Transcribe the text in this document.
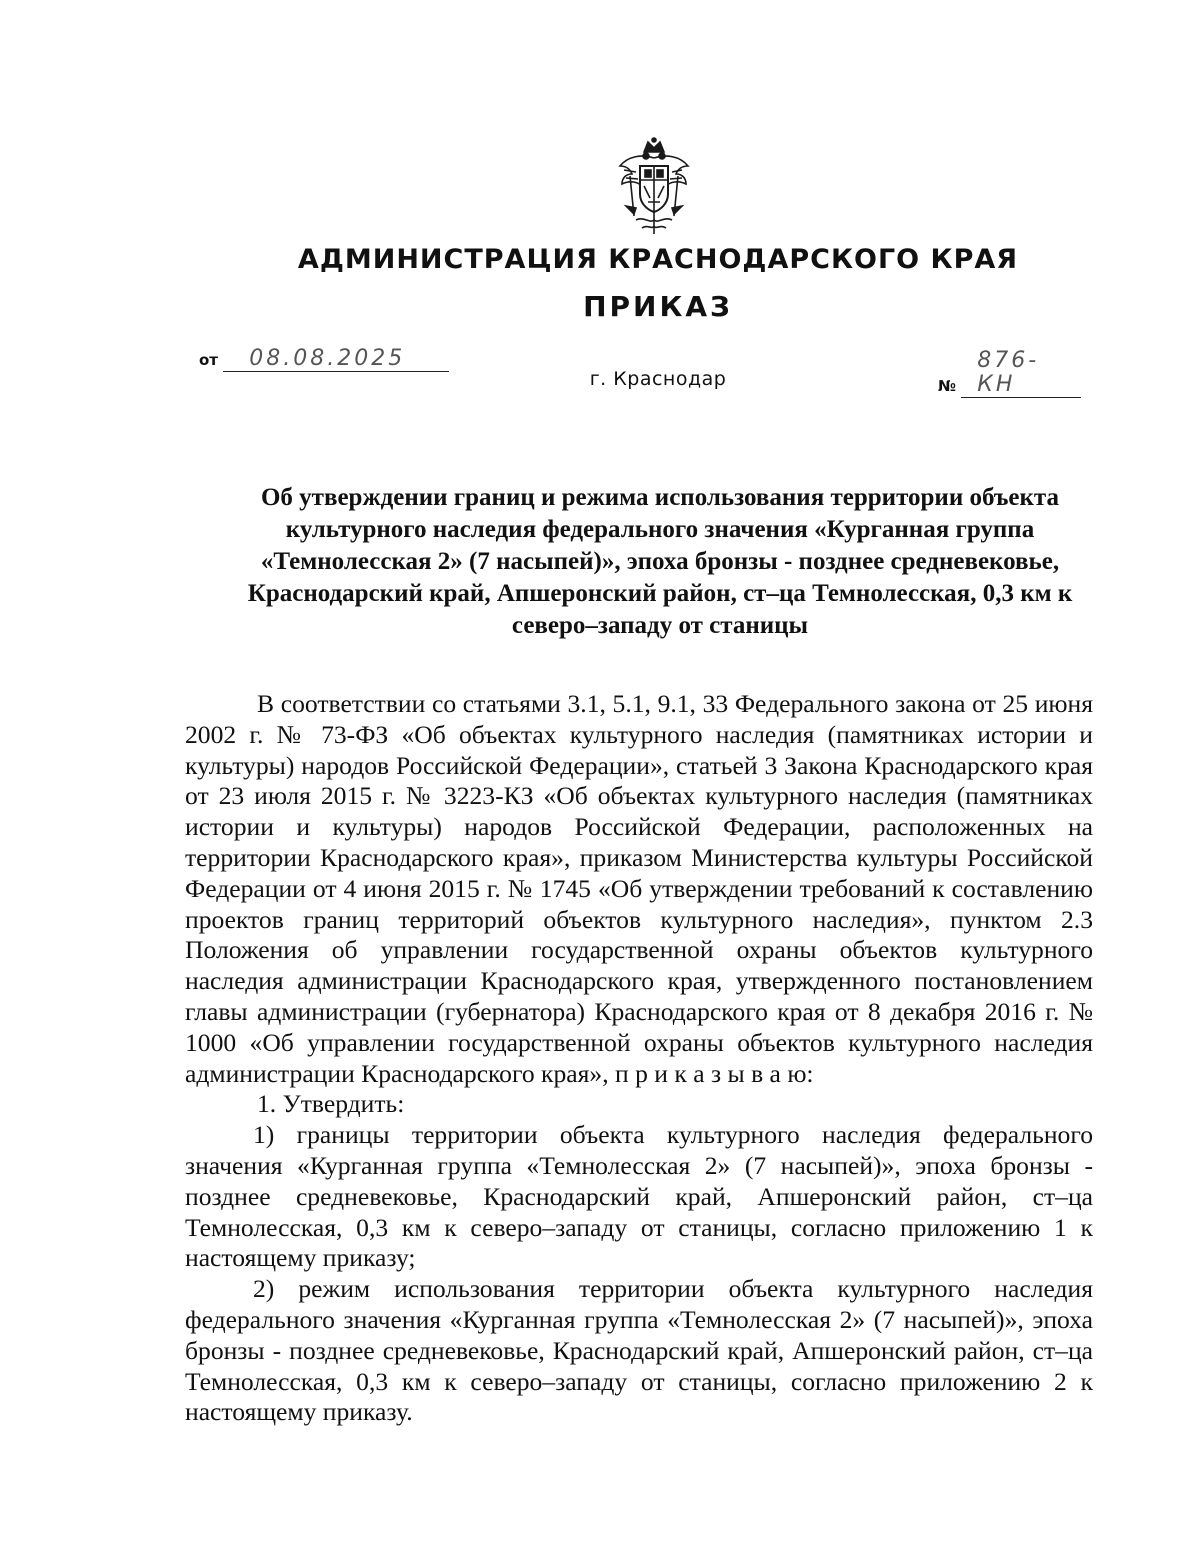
АДМИНИСТРАЦИЯ КРАСНОДАРСКОГО КРАЯ
ПРИКАЗ
от 08.08.2025
№ 876-КН
г. Краснодар
Об утверждении границ и режима использования территории объекта культурного наследия федерального значения «Курганная группа «Темнолесская 2» (7 насыпей)», эпоха бронзы - позднее средневековье, Краснодарский край, Апшеронский район, ст–ца Темнолесская, 0,3 км к северо–западу от станицы

В соответствии со статьями 3.1, 5.1, 9.1, 33 Федерального закона от 25 июня 2002 г. № 73-ФЗ «Об объектах культурного наследия (памятниках истории и культуры) народов Российской Федерации», статьей 3 Закона Краснодарского края от 23 июля 2015 г. № 3223-КЗ «Об объектах культурного наследия (памятниках истории и культуры) народов Российской Федерации, расположенных на территории Краснодарского края», приказом Министерства культуры Российской Федерации от 4 июня 2015 г. № 1745 «Об утверждении требований к составлению проектов границ территорий объектов культурного наследия», пунктом 2.3 Положения об управлении государственной охраны объектов культурного наследия администрации Краснодарского края, утвержденного постановлением главы администрации (губернатора) Краснодарского края от 8 декабря 2016 г. № 1000 «Об управлении государственной охраны объектов культурного наследия администрации Краснодарского края», п р и к а з ы в а ю:

1. Утвердить:

1) границы территории объекта культурного наследия федерального значения «Курганная группа «Темнолесская 2» (7 насыпей)», эпоха бронзы - позднее средневековье, Краснодарский край, Апшеронский район, ст–ца Темнолесская, 0,3 км к северо–западу от станицы, согласно приложению 1 к настоящему приказу;

2) режим использования территории объекта культурного наследия федерального значения «Курганная группа «Темнолесская 2» (7 насыпей)», эпоха бронзы - позднее средневековье, Краснодарский край, Апшеронский район, ст–ца Темнолесская, 0,3 км к северо–западу от станицы, согласно приложению 2 к настоящему приказу.
